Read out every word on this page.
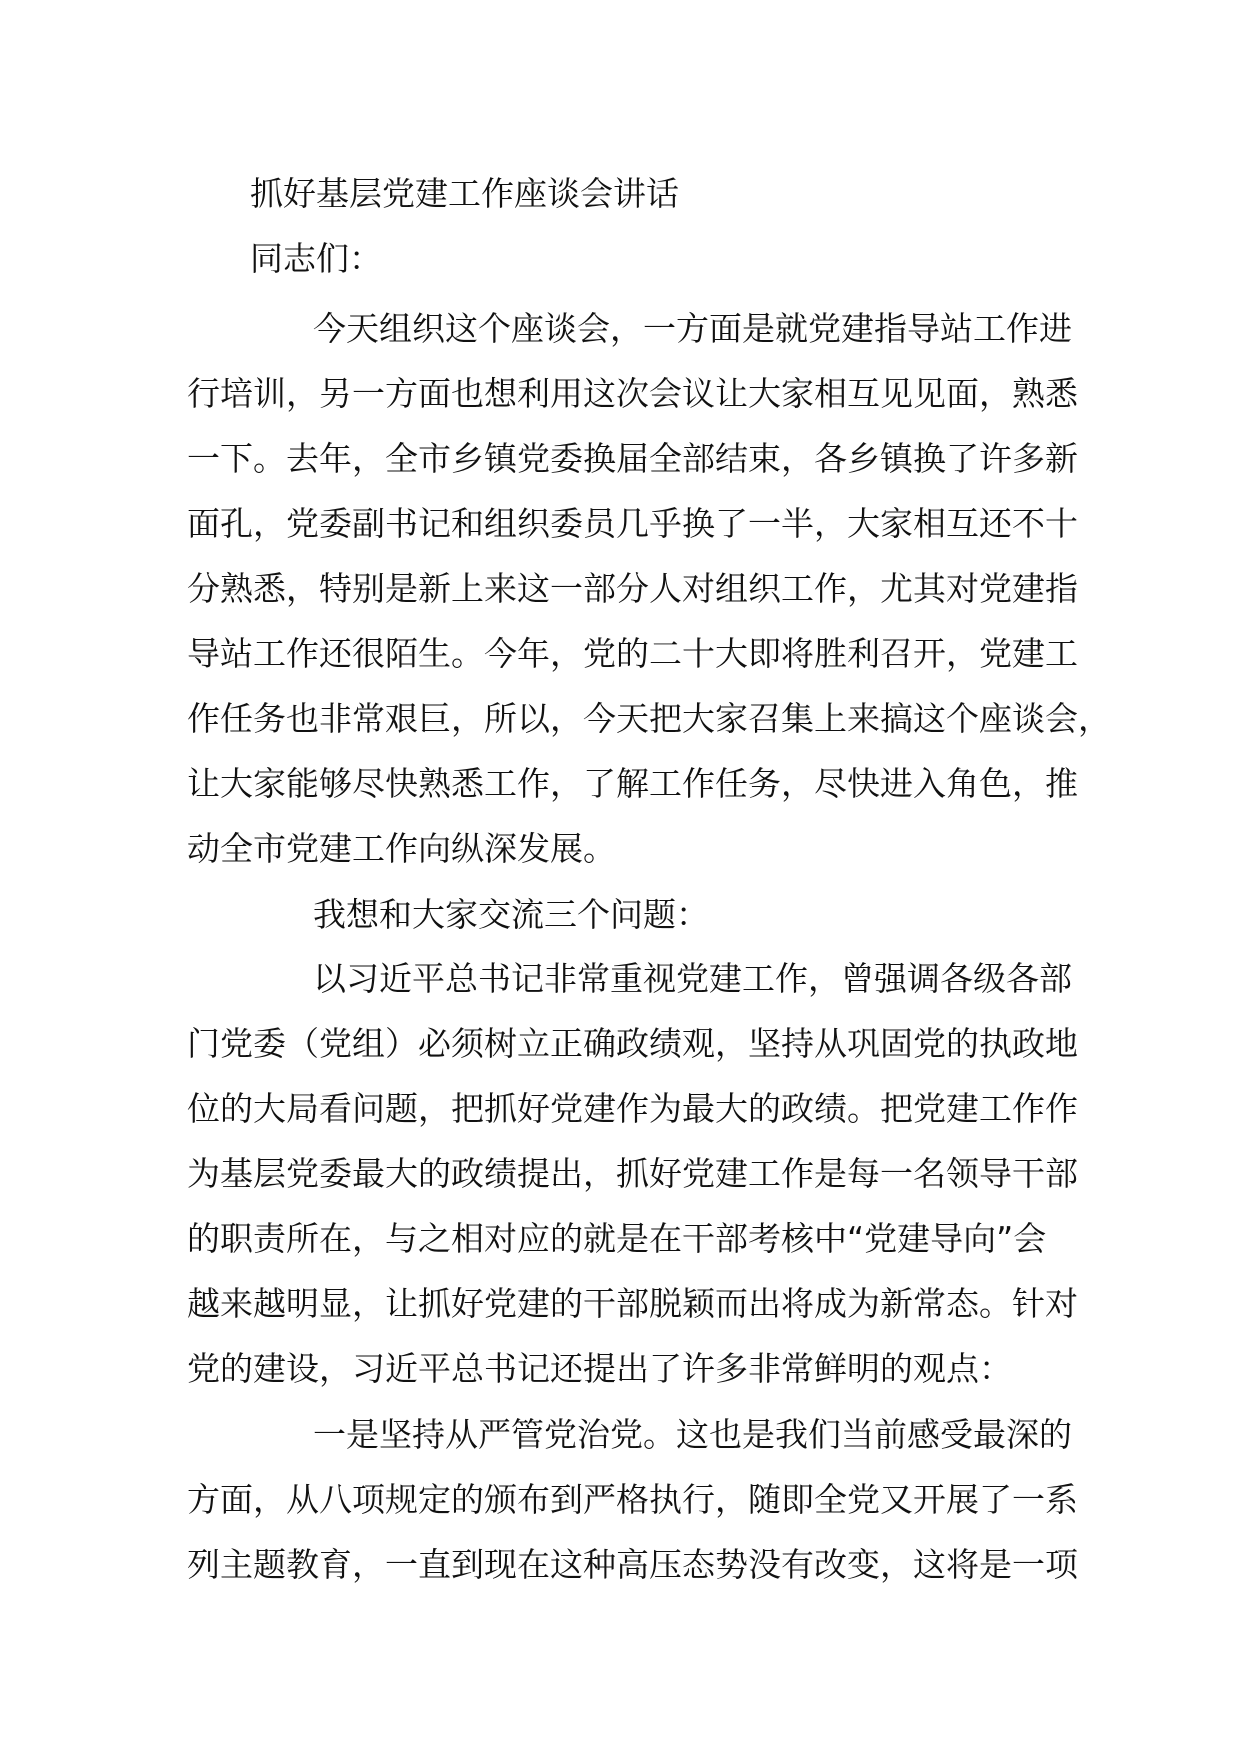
抓好基层党建工作座谈会讲话
同志们：
今天组织这个座谈会，一方面是就党建指导站工作进
行培训，另一方面也想利用这次会议让大家相互见见面，熟悉
一下。去年，全市乡镇党委换届全部结束，各乡镇换了许多新
面孔，党委副书记和组织委员几乎换了一半，大家相互还不十
分熟悉，特别是新上来这一部分人对组织工作，尤其对党建指
导站工作还很陌生。今年，党的二十大即将胜利召开，党建工
作任务也非常艰巨，所以，今天把大家召集上来搞这个座谈会，
让大家能够尽快熟悉工作，了解工作任务，尽快进入角色，推
动全市党建工作向纵深发展。
我想和大家交流三个问题：
以习近平总书记非常重视党建工作，曾强调各级各部
门党委（党组）必须树立正确政绩观，坚持从巩固党的执政地
位的大局看问题，把抓好党建作为最大的政绩。把党建工作作
为基层党委最大的政绩提出，抓好党建工作是每一名领导干部
的职责所在，与之相对应的就是在干部考核中“党建导向”会
越来越明显，让抓好党建的干部脱颖而出将成为新常态。针对
党的建设，习近平总书记还提出了许多非常鲜明的观点：
一是坚持从严管党治党。这也是我们当前感受最深的
方面，从八项规定的颁布到严格执行，随即全党又开展了一系
列主题教育，一直到现在这种高压态势没有改变，这将是一项
